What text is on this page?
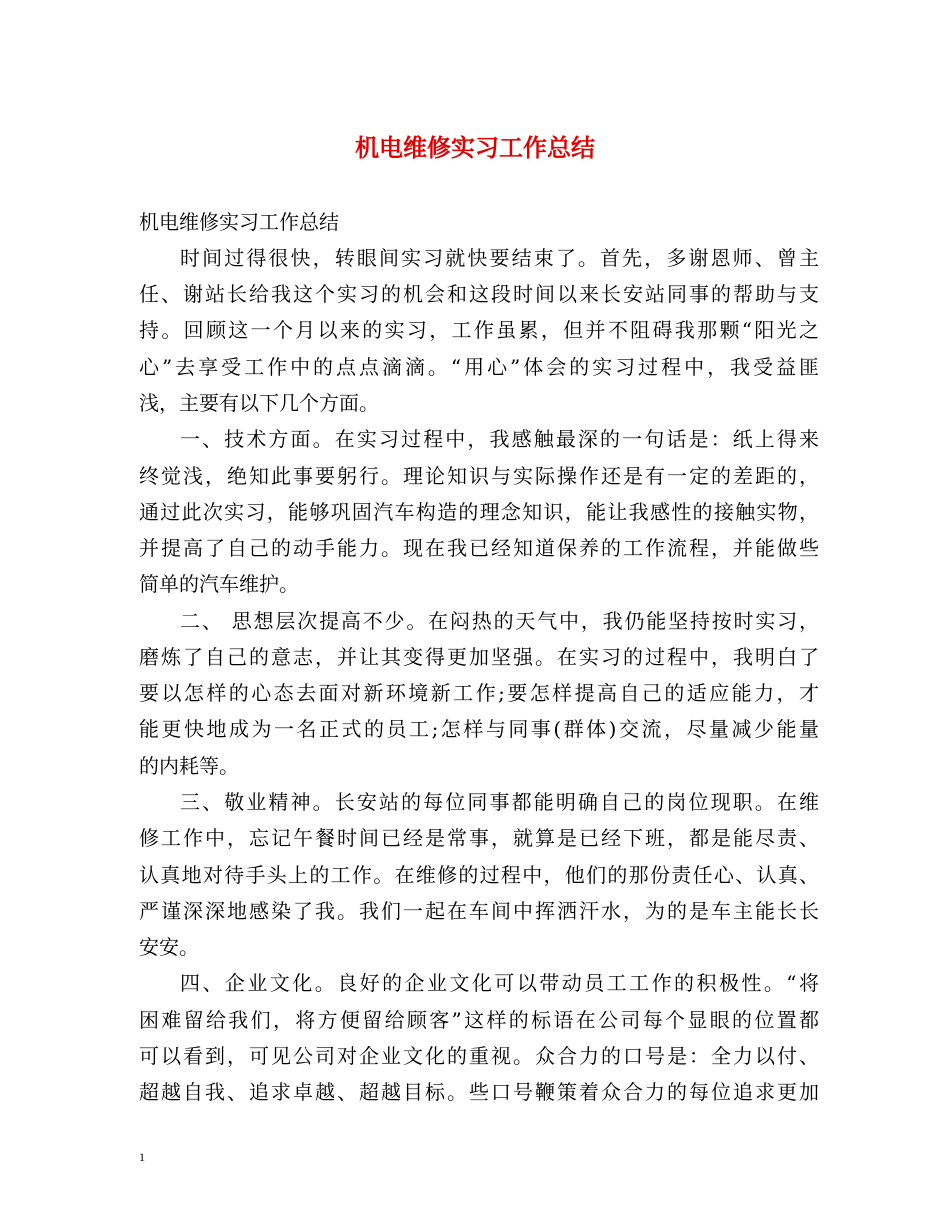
机电维修实习工作总结
机电维修实习工作总结
时间过得很快，转眼间实习就快要结束了。首先，多谢恩师、曾主
任、谢站长给我这个实习的机会和这段时间以来长安站同事的帮助与支
持。回顾这一个月以来的实习，工作虽累，但并不阻碍我那颗“阳光之
心”去享受工作中的点点滴滴。“用心”体会的实习过程中，我受益匪
浅，主要有以下几个方面。
一、技术方面。在实习过程中，我感触最深的一句话是：纸上得来
终觉浅，绝知此事要躬行。理论知识与实际操作还是有一定的差距的，
通过此次实习，能够巩固汽车构造的理念知识，能让我感性的接触实物，
并提高了自己的动手能力。现在我已经知道保养的工作流程，并能做些
简单的汽车维护。
二、 思想层次提高不少。在闷热的天气中，我仍能坚持按时实习，
磨炼了自己的意志，并让其变得更加坚强。在实习的过程中，我明白了
要以怎样的心态去面对新环境新工作;要怎样提高自己的适应能力，才
能更快地成为一名正式的员工;怎样与同事(群体)交流，尽量减少能量
的内耗等。
三、敬业精神。长安站的每位同事都能明确自己的岗位现职。在维
修工作中，忘记午餐时间已经是常事，就算是已经下班，都是能尽责、
认真地对待手头上的工作。在维修的过程中，他们的那份责任心、认真、
严谨深深地感染了我。我们一起在车间中挥洒汗水，为的是车主能长长
安安。
四、企业文化。良好的企业文化可以带动员工工作的积极性。“将
困难留给我们，将方便留给顾客”这样的标语在公司每个显眼的位置都
可以看到，可见公司对企业文化的重视。众合力的口号是：全力以付、
超越自我、追求卓越、超越目标。些口号鞭策着众合力的每位追求更加
1
